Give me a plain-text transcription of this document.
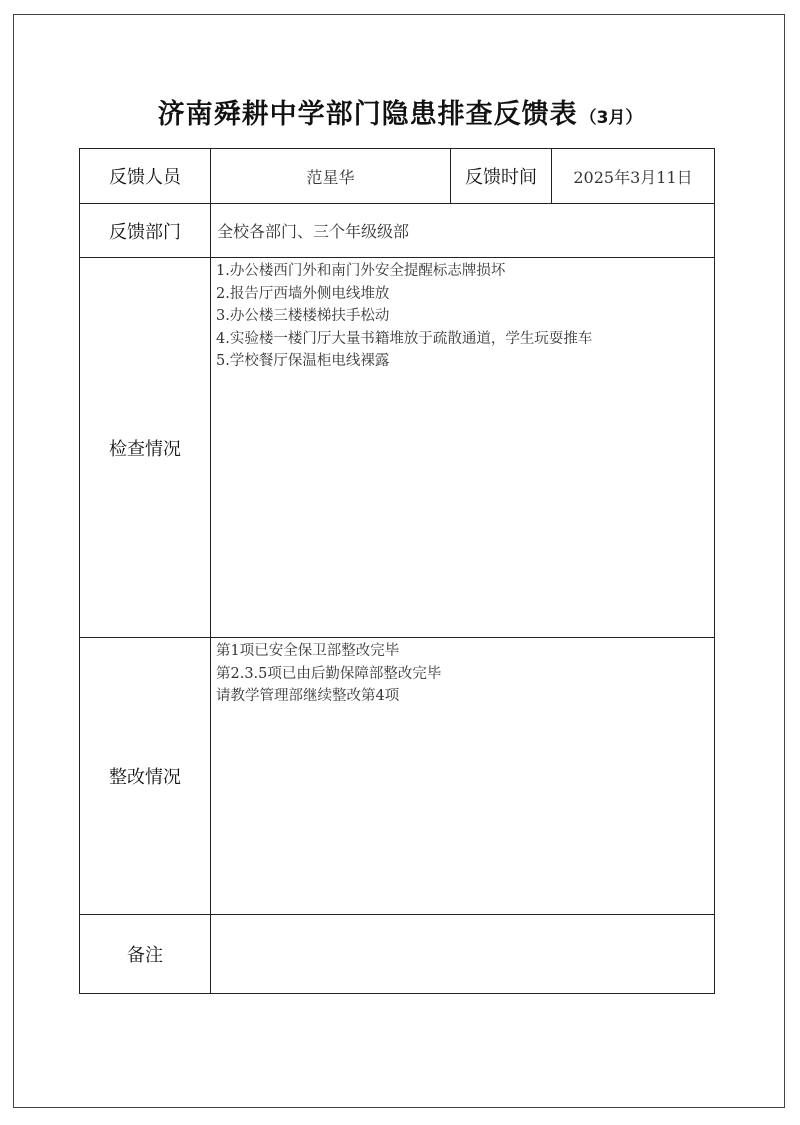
济南舜耕中学部门隐患排查反馈表 （3月）
反馈人员	范星华	反馈时间	2025年3月11日
反馈部门	全校各部门、三个年级级部		
检查情况	1.办公楼西门外和南门外安全提醒标志牌损坏
2.报告厅西墙外侧电线堆放
3.办公楼三楼楼梯扶手松动
4.实验楼一楼门厅大量书籍堆放于疏散通道，学生玩耍推车
5.学校餐厅保温柜电线裸露		

整改情况	第1项已安全保卫部整改完毕
第2.3.5项已由后勤保障部整改完毕
请教学管理部继续整改第4项		

备注			
